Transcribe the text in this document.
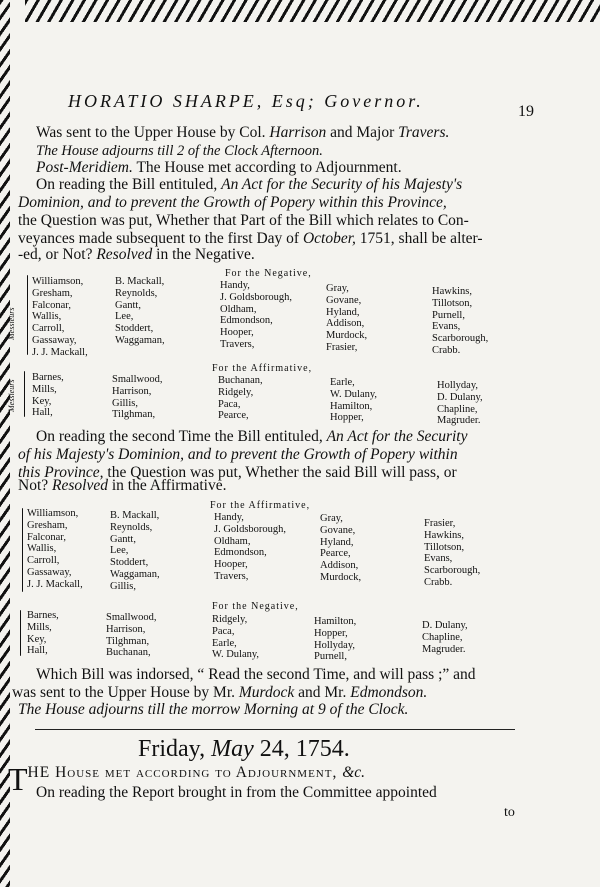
HORATIO SHARPE, Esq; Governor.
19
Was sent to the Upper House by Col. Harrison and Major Travers.
The House adjourns till 2 of the Clock Afternoon.
Post-Meridiem. The House met according to Adjournment.
On reading the Bill entituled, An Act for the Security of his Majesty's
Dominion, and to prevent the Growth of Popery within this Province,
the Question was put, Whether that Part of the Bill which relates to Con-
veyances made subsequent to the first Day of October, 1751, shall be alter-
-ed, or Not? Resolved in the Negative.
For the Negative,
Messieurs
Williamson,
Gresham,
Falconar,
Wallis,
Carroll,
Gassaway,
J. J. Mackall,
B. Mackall,
Reynolds,
Gantt,
Lee,
Stoddert,
Waggaman,
Handy,
J. Goldsborough,
Oldham,
Edmondson,
Hooper,
Travers,
Gray,
Govane,
Hyland,
Addison,
Murdock,
Frasier,
Hawkins,
Tillotson,
Purnell,
Evans,
Scarborough,
Crabb.
For the Affirmative,
Messieurs
Barnes,
Mills,
Key,
Hall,
Smallwood,
Harrison,
Gillis,
Tilghman,
Buchanan,
Ridgely,
Paca,
Pearce,
Earle,
W. Dulany,
Hamilton,
Hopper,
Hollyday,
D. Dulany,
Chapline,
Magruder.
On reading the second Time the Bill entituled, An Act for the Security
of his Majesty's Dominion, and to prevent the Growth of Popery within
this Province, the Question was put, Whether the said Bill will pass, or
Not? Resolved in the Affirmative.
For the Affirmative,
Williamson,
Gresham,
Falconar,
Wallis,
Carroll,
Gassaway,
J. J. Mackall,
B. Mackall,
Reynolds,
Gantt,
Lee,
Stoddert,
Waggaman,
Gillis,
Handy,
J. Goldsborough,
Oldham,
Edmondson,
Hooper,
Travers,
Gray,
Govane,
Hyland,
Pearce,
Addison,
Murdock,
Frasier,
Hawkins,
Tillotson,
Evans,
Scarborough,
Crabb.
For the Negative,
Barnes,
Mills,
Key,
Hall,
Smallwood,
Harrison,
Tilghman,
Buchanan,
Ridgely,
Paca,
Earle,
W. Dulany,
Hamilton,
Hopper,
Hollyday,
Purnell,
D. Dulany,
Chapline,
Magruder.
Which Bill was indorsed, “ Read the second Time, and will pass ;” and
was sent to the Upper House by Mr. Murdock and Mr. Edmondson.
The House adjourns till the morrow Morning at 9 of the Clock.
Friday, May 24, 1754.
THE House met according to Adjournment, &c.
On reading the Report brought in from the Committee appointed
to
